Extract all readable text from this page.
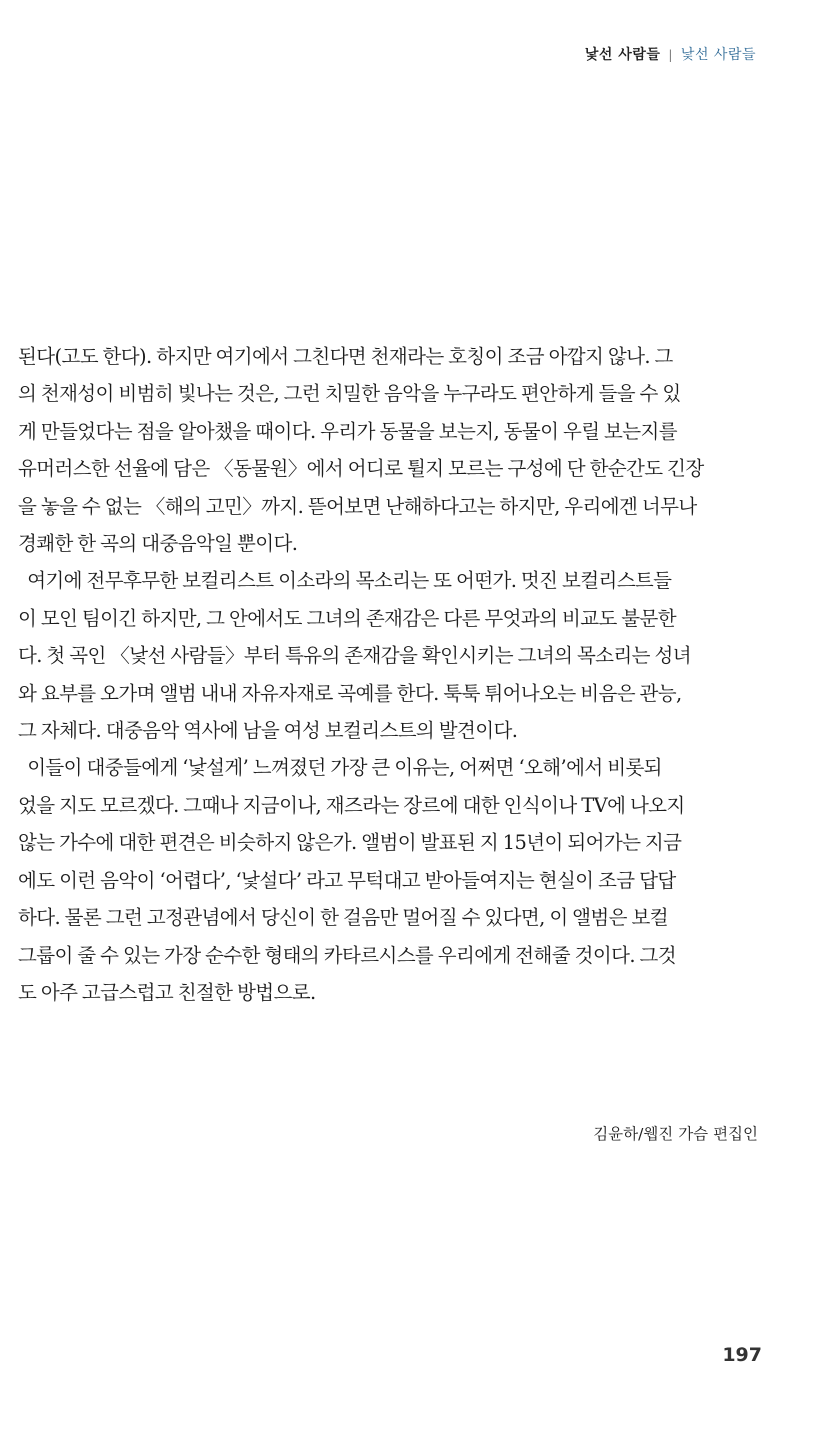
낯선 사람들 | 낯선 사람들
된다(고도 한다). 하지만 여기에서 그친다면 천재라는 호칭이 조금 아깝지 않나. 그
의 천재성이 비범히 빛나는 것은, 그런 치밀한 음악을 누구라도 편안하게 들을 수 있
게 만들었다는 점을 알아챘을 때이다. 우리가 동물을 보는지, 동물이 우릴 보는지를
유머러스한 선율에 담은 〈동물원〉에서 어디로 튈지 모르는 구성에 단 한순간도 긴장
을 놓을 수 없는 〈해의 고민〉까지. 뜯어보면 난해하다고는 하지만, 우리에겐 너무나
경쾌한 한 곡의 대중음악일 뿐이다.
여기에 전무후무한 보컬리스트 이소라의 목소리는 또 어떤가. 멋진 보컬리스트들
이 모인 팀이긴 하지만, 그 안에서도 그녀의 존재감은 다른 무엇과의 비교도 불문한
다. 첫 곡인 〈낯선 사람들〉부터 특유의 존재감을 확인시키는 그녀의 목소리는 성녀
와 요부를 오가며 앨범 내내 자유자재로 곡예를 한다. 툭툭 튀어나오는 비음은 관능,
그 자체다. 대중음악 역사에 남을 여성 보컬리스트의 발견이다.
이들이 대중들에게 ‘낯설게’ 느껴졌던 가장 큰 이유는, 어쩌면 ‘오해’에서 비롯되
었을 지도 모르겠다. 그때나 지금이나, 재즈라는 장르에 대한 인식이나 TV에 나오지
않는 가수에 대한 편견은 비슷하지 않은가. 앨범이 발표된 지 15년이 되어가는 지금
에도 이런 음악이 ‘어렵다’, ‘낯설다’ 라고 무턱대고 받아들여지는 현실이 조금 답답
하다. 물론 그런 고정관념에서 당신이 한 걸음만 멀어질 수 있다면, 이 앨범은 보컬
그룹이 줄 수 있는 가장 순수한 형태의 카타르시스를 우리에게 전해줄 것이다. 그것
도 아주 고급스럽고 친절한 방법으로.
김윤하/웹진 가슴 편집인
197
